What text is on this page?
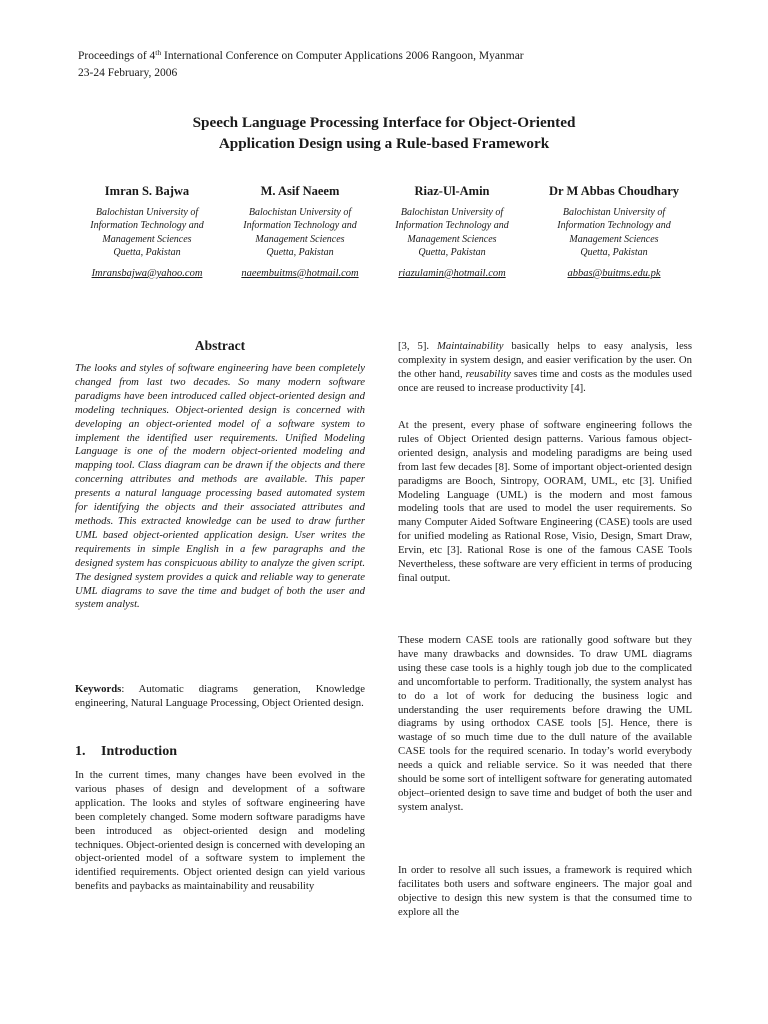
Proceedings of 4th International Conference on Computer Applications 2006 Rangoon, Myanmar
23-24 February, 2006
Speech Language Processing Interface for Object-Oriented
Application Design using a Rule-based Framework
Imran S. Bajwa
Balochistan University of
Information Technology and
Management Sciences
Quetta, Pakistan
Imransbajwa@yahoo.com
M. Asif Naeem
Balochistan University of
Information Technology and
Management Sciences
Quetta, Pakistan
naeembuitms@hotmail.com
Riaz-Ul-Amin
Balochistan University of
Information Technology and
Management Sciences
Quetta, Pakistan
riazulamin@hotmail.com
Dr M Abbas Choudhary
Balochistan University of
Information Technology and
Management Sciences
Quetta, Pakistan
abbas@buitms.edu.pk
Abstract

The looks and styles of software engineering have been completely changed from last two decades. So many modern software paradigms have been introduced called object-oriented design and modeling techniques. Object-oriented design is concerned with developing an object-oriented model of a software system to implement the identified user requirements. Unified Modeling Language is one of the modern object-oriented modeling and mapping tool. Class diagram can be drawn if the objects and there concerning attributes and methods are available. This paper presents a natural language processing based automated system for identifying the objects and their associated attributes and methods. This extracted knowledge can be used to draw further UML based object-oriented application design. User writes the requirements in simple English in a few paragraphs and the designed system has conspicuous ability to analyze the given script. The designed system provides a quick and reliable way to generate UML diagrams to save the time and budget of both the user and system analyst.

Keywords: Automatic diagrams generation, Knowledge engineering, Natural Language Processing, Object Oriented design.

1. Introduction

In the current times, many changes have been evolved in the various phases of design and development of a software application. The looks and styles of software engineering have been completely changed. Some modern software paradigms have been introduced as object-oriented design and modeling techniques. Object-oriented design is concerned with developing an object-oriented model of a software system to implement the identified requirements. Object oriented design can yield various benefits and paybacks as maintainability and reusability

[3, 5]. Maintainability basically helps to easy analysis, less complexity in system design, and easier verification by the user. On the other hand, reusability saves time and costs as the modules used once are reused to increase productivity [4].

At the present, every phase of software engineering follows the rules of Object Oriented design patterns. Various famous object-oriented design, analysis and modeling paradigms are being used from last few decades [8]. Some of important object-oriented design paradigms are Booch, Sintropy, OORAM, UML, etc [3]. Unified Modeling Language (UML) is the modern and most famous modeling tools that are used to model the user requirements. So many Computer Aided Software Engineering (CASE) tools are used for unified modeling as Rational Rose, Visio, Design, Smart Draw, Ervin, etc [3]. Rational Rose is one of the famous CASE Tools Nevertheless, these software are very efficient in terms of producing final output.

These modern CASE tools are rationally good software but they have many drawbacks and downsides. To draw UML diagrams using these case tools is a highly tough job due to the complicated and uncomfortable to perform. Traditionally, the system analyst has to do a lot of work for deducing the business logic and understanding the user requirements before drawing the UML diagrams by using orthodox CASE tools [5]. Hence, there is wastage of so much time due to the dull nature of the available CASE tools for the required scenario. In today’s world everybody needs a quick and reliable service. So it was needed that there should be some sort of intelligent software for generating automated object–oriented design to save time and budget of both the user and system analyst.

In order to resolve all such issues, a framework is required which facilitates both users and software engineers. The major goal and objective to design this new system is that the consumed time to explore all the
